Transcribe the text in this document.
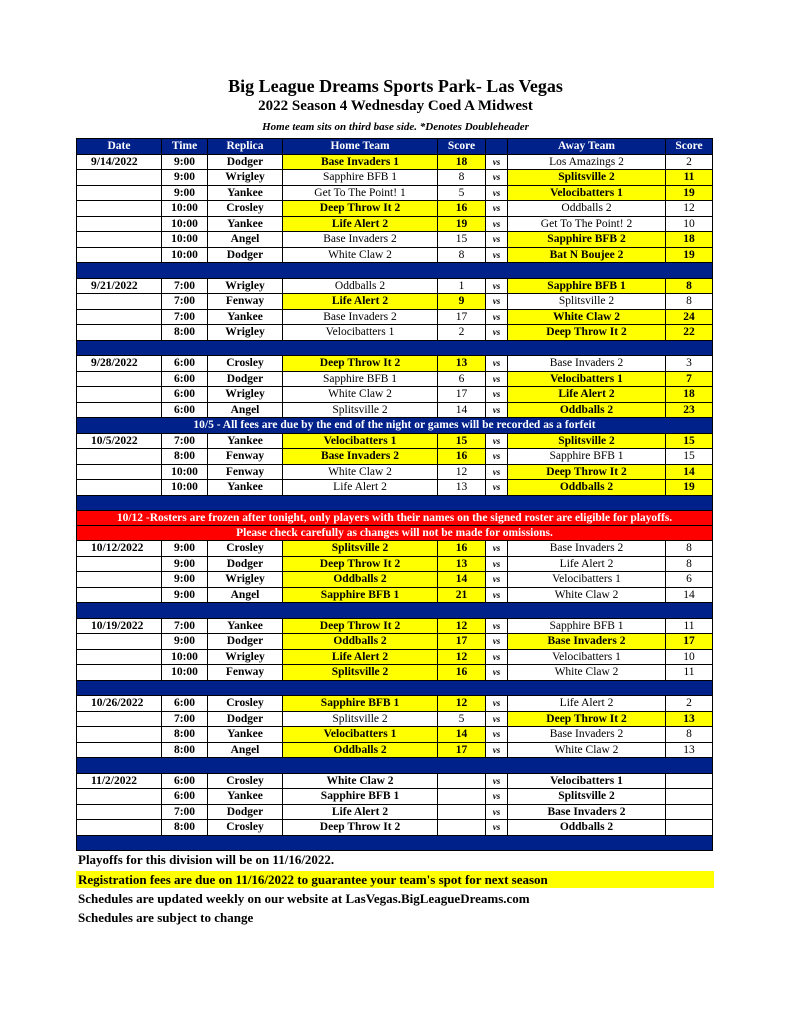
Big League Dreams Sports Park- Las Vegas
2022 Season 4 Wednesday Coed A Midwest
Home team sits on third base side. *Denotes Doubleheader
Date	Time	Replica	Home Team	Score		Away Team	Score
9/14/2022	9:00	Dodger	Base Invaders 1	18	vs	Los Amazings 2	2
	9:00	Wrigley	Sapphire BFB 1	8	vs	Splitsville 2	11
	9:00	Yankee	Get To The Point! 1	5	vs	Velocibatters 1	19
	10:00	Crosley	Deep Throw It 2	16	vs	Oddballs 2	12
	10:00	Yankee	Life Alert 2	19	vs	Get To The Point! 2	10
	10:00	Angel	Base Invaders 2	15	vs	Sapphire BFB 2	18
	10:00	Dodger	White Claw 2	8	vs	Bat N Boujee 2	19

9/21/2022	7:00	Wrigley	Oddballs 2	1	vs	Sapphire BFB 1	8
	7:00	Fenway	Life Alert 2	9	vs	Splitsville 2	8
	7:00	Yankee	Base Invaders 2	17	vs	White Claw 2	24
	8:00	Wrigley	Velocibatters 1	2	vs	Deep Throw It 2	22

9/28/2022	6:00	Crosley	Deep Throw It 2	13	vs	Base Invaders 2	3
	6:00	Dodger	Sapphire BFB 1	6	vs	Velocibatters 1	7
	6:00	Wrigley	White Claw 2	17	vs	Life Alert 2	18
	6:00	Angel	Splitsville 2	14	vs	Oddballs 2	23
10/5 - All fees are due by the end of the night or games will be recorded as a forfeit							
10/5/2022	7:00	Yankee	Velocibatters 1	15	vs	Splitsville 2	15
	8:00	Fenway	Base Invaders 2	16	vs	Sapphire BFB 1	15
	10:00	Fenway	White Claw 2	12	vs	Deep Throw It 2	14
	10:00	Yankee	Life Alert 2	13	vs	Oddballs 2	19

10/12 -Rosters are frozen after tonight, only players with their names on the signed roster are eligible for playoffs.							
Please check carefully as changes will not be made for omissions.							
10/12/2022	9:00	Crosley	Splitsville 2	16	vs	Base Invaders 2	8
	9:00	Dodger	Deep Throw It 2	13	vs	Life Alert 2	8
	9:00	Wrigley	Oddballs 2	14	vs	Velocibatters 1	6
	9:00	Angel	Sapphire BFB 1	21	vs	White Claw 2	14

10/19/2022	7:00	Yankee	Deep Throw It 2	12	vs	Sapphire BFB 1	11
	9:00	Dodger	Oddballs 2	17	vs	Base Invaders 2	17
	10:00	Wrigley	Life Alert 2	12	vs	Velocibatters 1	10
	10:00	Fenway	Splitsville 2	16	vs	White Claw 2	11

10/26/2022	6:00	Crosley	Sapphire BFB 1	12	vs	Life Alert 2	2
	7:00	Dodger	Splitsville 2	5	vs	Deep Throw It 2	13
	8:00	Yankee	Velocibatters 1	14	vs	Base Invaders 2	8
	8:00	Angel	Oddballs 2	17	vs	White Claw 2	13

11/2/2022	6:00	Crosley	White Claw 2		vs	Velocibatters 1	
	6:00	Yankee	Sapphire BFB 1		vs	Splitsville 2	
	7:00	Dodger	Life Alert 2		vs	Base Invaders 2	
	8:00	Crosley	Deep Throw It 2		vs	Oddballs 2	

Playoffs for this division will be on 11/16/2022.
Registration fees are due on 11/16/2022 to guarantee your team's spot for next season
Schedules are updated weekly on our website at LasVegas.BigLeagueDreams.com
Schedules are subject to change
